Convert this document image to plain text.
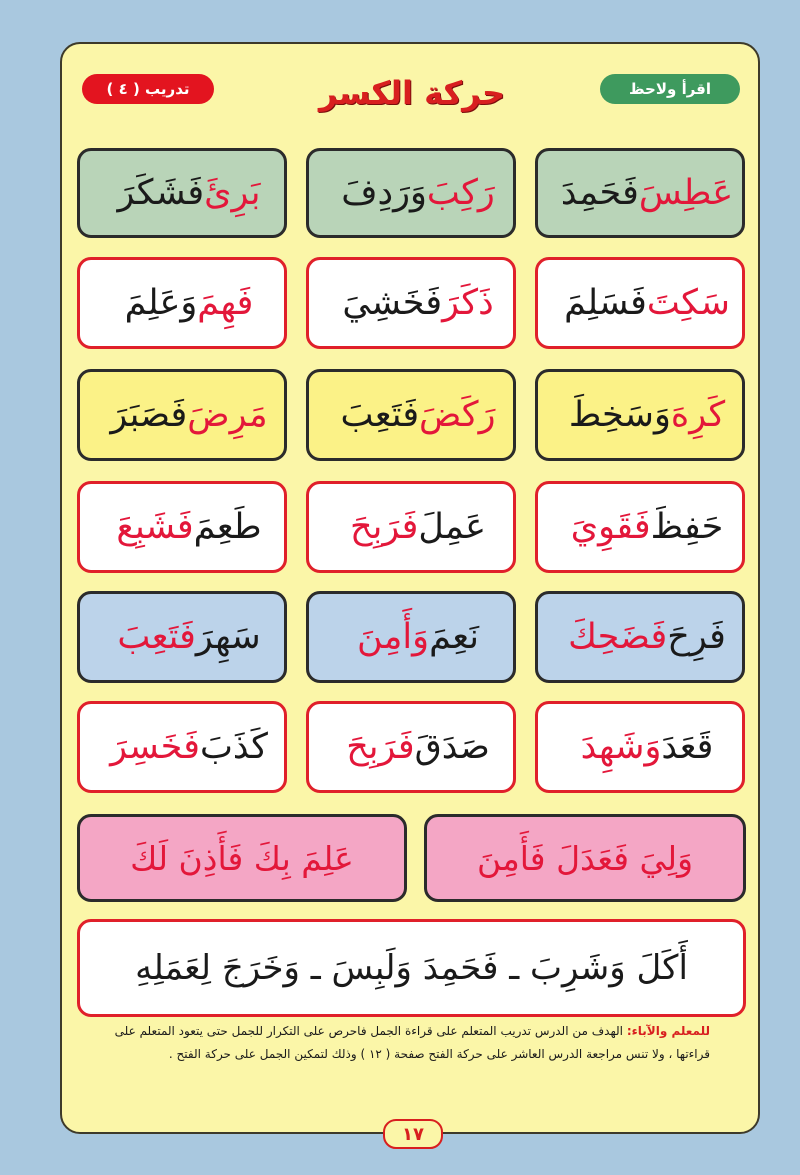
اقرأ ولاحظ
حركة الكسر
تدريب ( ٤ )
عَطِسَ
فَحَمِدَ
رَكِبَ
وَرَدِفَ
بَرِئَ
فَشَكَرَ
سَكِتَ
فَسَلِمَ
ذَكَرَ
فَخَشِيَ
فَهِمَ
وَعَلِمَ
كَرِهَ
وَسَخِطَ
رَكَضَ
فَتَعِبَ
مَرِضَ
فَصَبَرَ
حَفِظَ
فَقَوِيَ
عَمِلَ
فَرَبِحَ
طَعِمَ
فَشَبِعَ
فَرِحَ
فَضَحِكَ
نَعِمَ
وَأَمِنَ
سَهِرَ
فَتَعِبَ
قَعَدَ
وَشَهِدَ
صَدَقَ
فَرَبِحَ
كَذَبَ
فَخَسِرَ
وَلِيَ فَعَدَلَ فَأَمِنَ
عَلِمَ بِكَ فَأَذِنَ لَكَ
أَكَلَ وَشَرِبَ ـ فَحَمِدَ وَلَبِسَ ـ وَخَرَجَ لِعَمَلِهِ
للمعلم والآباء: الهدف من الدرس تدريب المتعلم على قراءة الجمل فاحرص على التكرار للجمل حتى يتعود المتعلم على قراءتها ، ولا تنس مراجعة الدرس العاشر على حركة الفتح صفحة ( ١٢ ) وذلك لتمكين الجمل على حركة الفتح .
١٧
